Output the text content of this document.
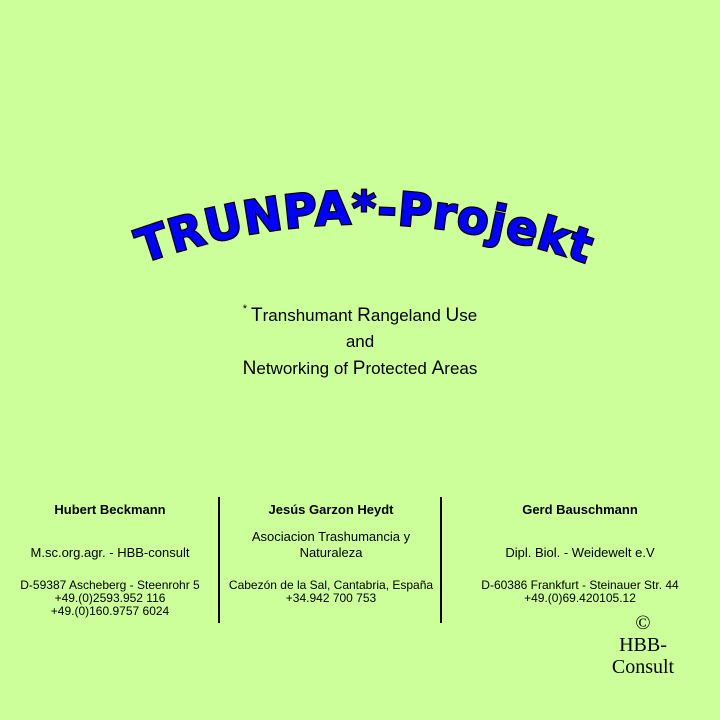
TRUNPA*-Projekt
* Transhumant Rangeland Use
and
Networking of Protected Areas
Hubert Beckmann
M.sc.org.agr. - HBB-consult
D-59387 Ascheberg - Steenrohr 5
+49.(0)2593.952 116
+49.(0)160.9757 6024
Jesús Garzon Heydt
Asociacion Trashumancia y Naturaleza
Cabezón de la Sal, Cantabria, España
+34.942 700 753
Gerd Bauschmann
Dipl. Biol. - Weidewelt e.V
D-60386 Frankfurt - Steinauer Str. 44
+49.(0)69.420105.12
©
HBB-
Consult
